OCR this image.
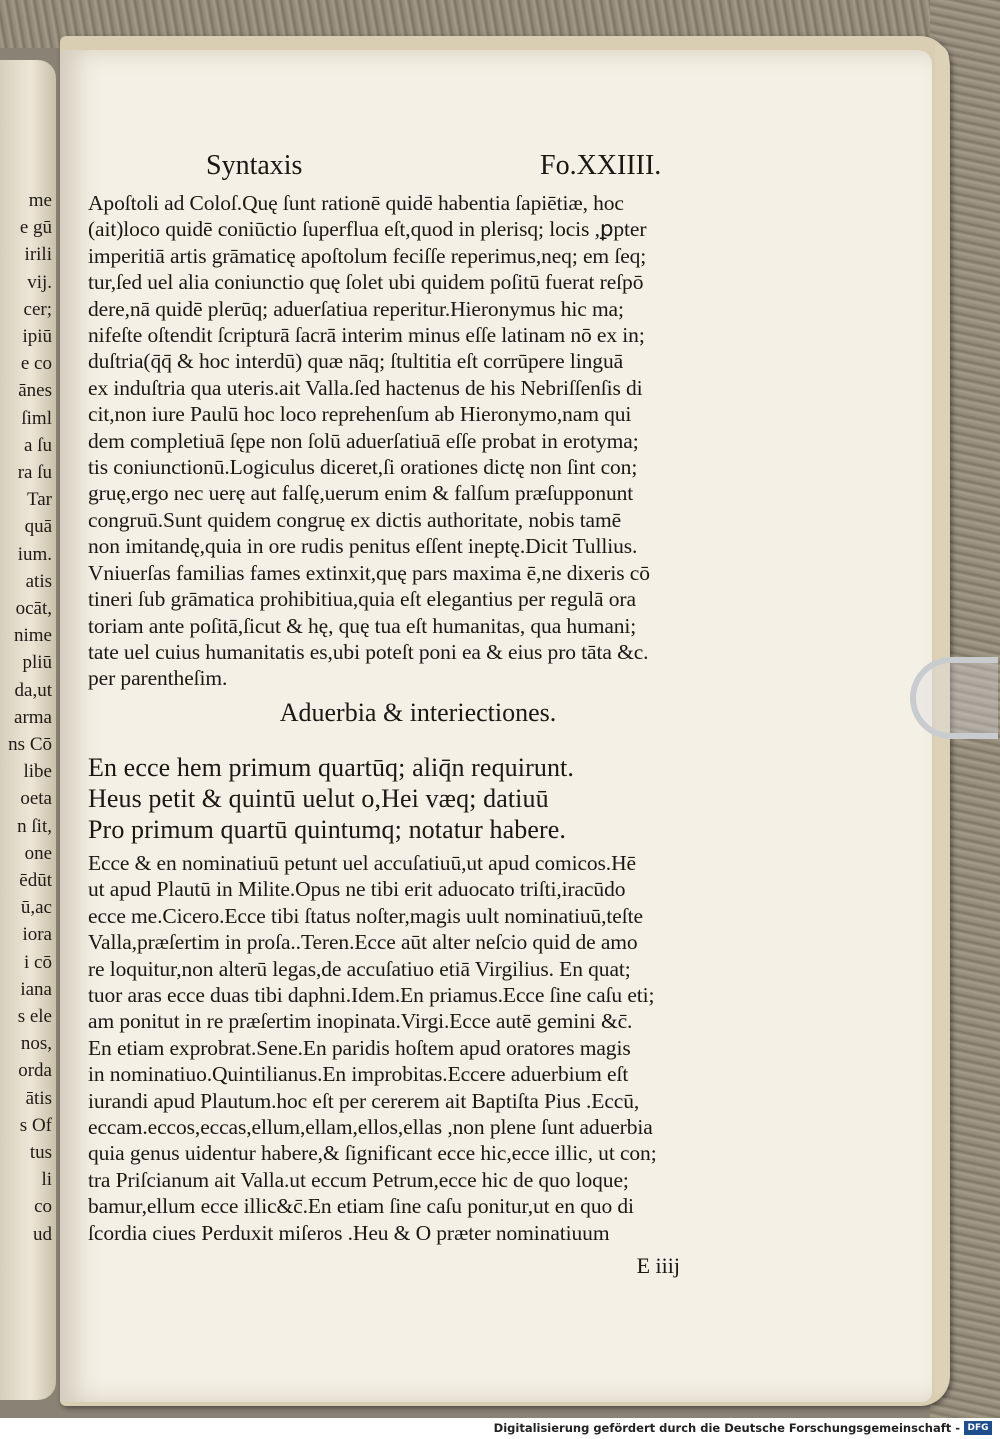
me
e gū
irili
vij.
cer;
ipiū
e co
ānes
ſiml
a ſu
ra ſu
Tar
quā
ium.
atis
ocāt,
nime
pliū
da,ut
arma
ns Cō
libe
oeta
n ſit,
one
ēdūt
ū,ac
iora
i cō
iana
s ele
nos,
orda
ātis
s Of
tus
li
co
ud
Syntaxis	Fo.XXIIII.
Apoſtoli ad Coloſ.Quę ſunt rationē quidē habentia ſapiētiæ, hoc
(ait)loco quidē coniūctio ſuperflua eſt,quod in plerisq; locis ,ꝑpter
imperitiā artis grāmaticę apoſtolum feciſſe reperimus,neq; em ſeq;
tur,ſed uel alia coniunctio quę ſolet ubi quidem poſitū fuerat reſpō
dere,nā quidē plerūq; aduerſatiua reperitur.Hieronymus hic ma;
nifeſte oſtendit ſcripturā ſacrā interim minus eſſe latinam nō ex in;
duſtria(q̄q̄ & hoc interdū) quæ nāq; ſtultitia eſt corrūpere linguā
ex induſtria qua uteris.ait Valla.ſed hactenus de his Nebriſſenſis di
cit,non iure Paulū hoc loco reprehenſum ab Hieronymo,nam qui
dem completiuā ſępe non ſolū aduerſatiuā eſſe probat in erotyma;
tis coniunctionū.Logiculus diceret,ſi orationes dictę non ſint con;
gruę,ergo nec uerę aut falſę,uerum enim & falſum præſupponunt
congruū.Sunt quidem congruę ex dictis authoritate, nobis tamē
non imitandę,quia in ore rudis penitus eſſent ineptę.Dicit Tullius.
Vniuerſas familias fames extinxit,quę pars maxima ē,ne dixeris cō
tineri ſub grāmatica prohibitiua,quia eſt elegantius per regulā ora
toriam ante poſitā,ſicut & hę, quę tua eſt humanitas, qua humani;
tate uel cuius humanitatis es,ubi poteſt poni ea & eius pro tāta &c.
per parentheſim.
Aduerbia & interiectiones.
En ecce hem primum quartūq; aliq̄n requirunt.
Heus petit & quintū uelut o,Hei væq; datiuū
Pro primum quartū quintumq; notatur habere.
Ecce & en nominatiuū petunt uel accuſatiuū,ut apud comicos.Hē
ut apud Plautū in Milite.Opus ne tibi erit aduocato triſti,iracūdo
ecce me.Cicero.Ecce tibi ſtatus noſter,magis uult nominatiuū,teſte
Valla,præſertim in proſa..Teren.Ecce aūt alter neſcio quid de amo
re loquitur,non alterū legas,de accuſatiuo etiā Virgilius. En quat;
tuor aras ecce duas tibi daphni.Idem.En priamus.Ecce ſine caſu eti;
am ponitut in re præſertim inopinata.Virgi.Ecce autē gemini &c̄.
En etiam exprobrat.Sene.En paridis hoſtem apud oratores magis
in nominatiuo.Quintilianus.En improbitas.Eccere aduerbium eſt
iurandi apud Plautum.hoc eſt per cererem ait Baptiſta Pius .Eccū,
eccam.eccos,eccas,ellum,ellam,ellos,ellas ,non plene ſunt aduerbia
quia genus uidentur habere,& ſignificant ecce hic,ecce illic, ut con;
tra Priſcianum ait Valla.ut eccum Petrum,ecce hic de quo loque;
bamur,ellum ecce illic&c̄.En etiam ſine caſu ponitur,ut en quo di
ſcordia ciues Perduxit miſeros .Heu & O præter nominatiuum
E iiij
Digitalisierung gefördert durch die Deutsche Forschungsgemeinschaft - DFG
